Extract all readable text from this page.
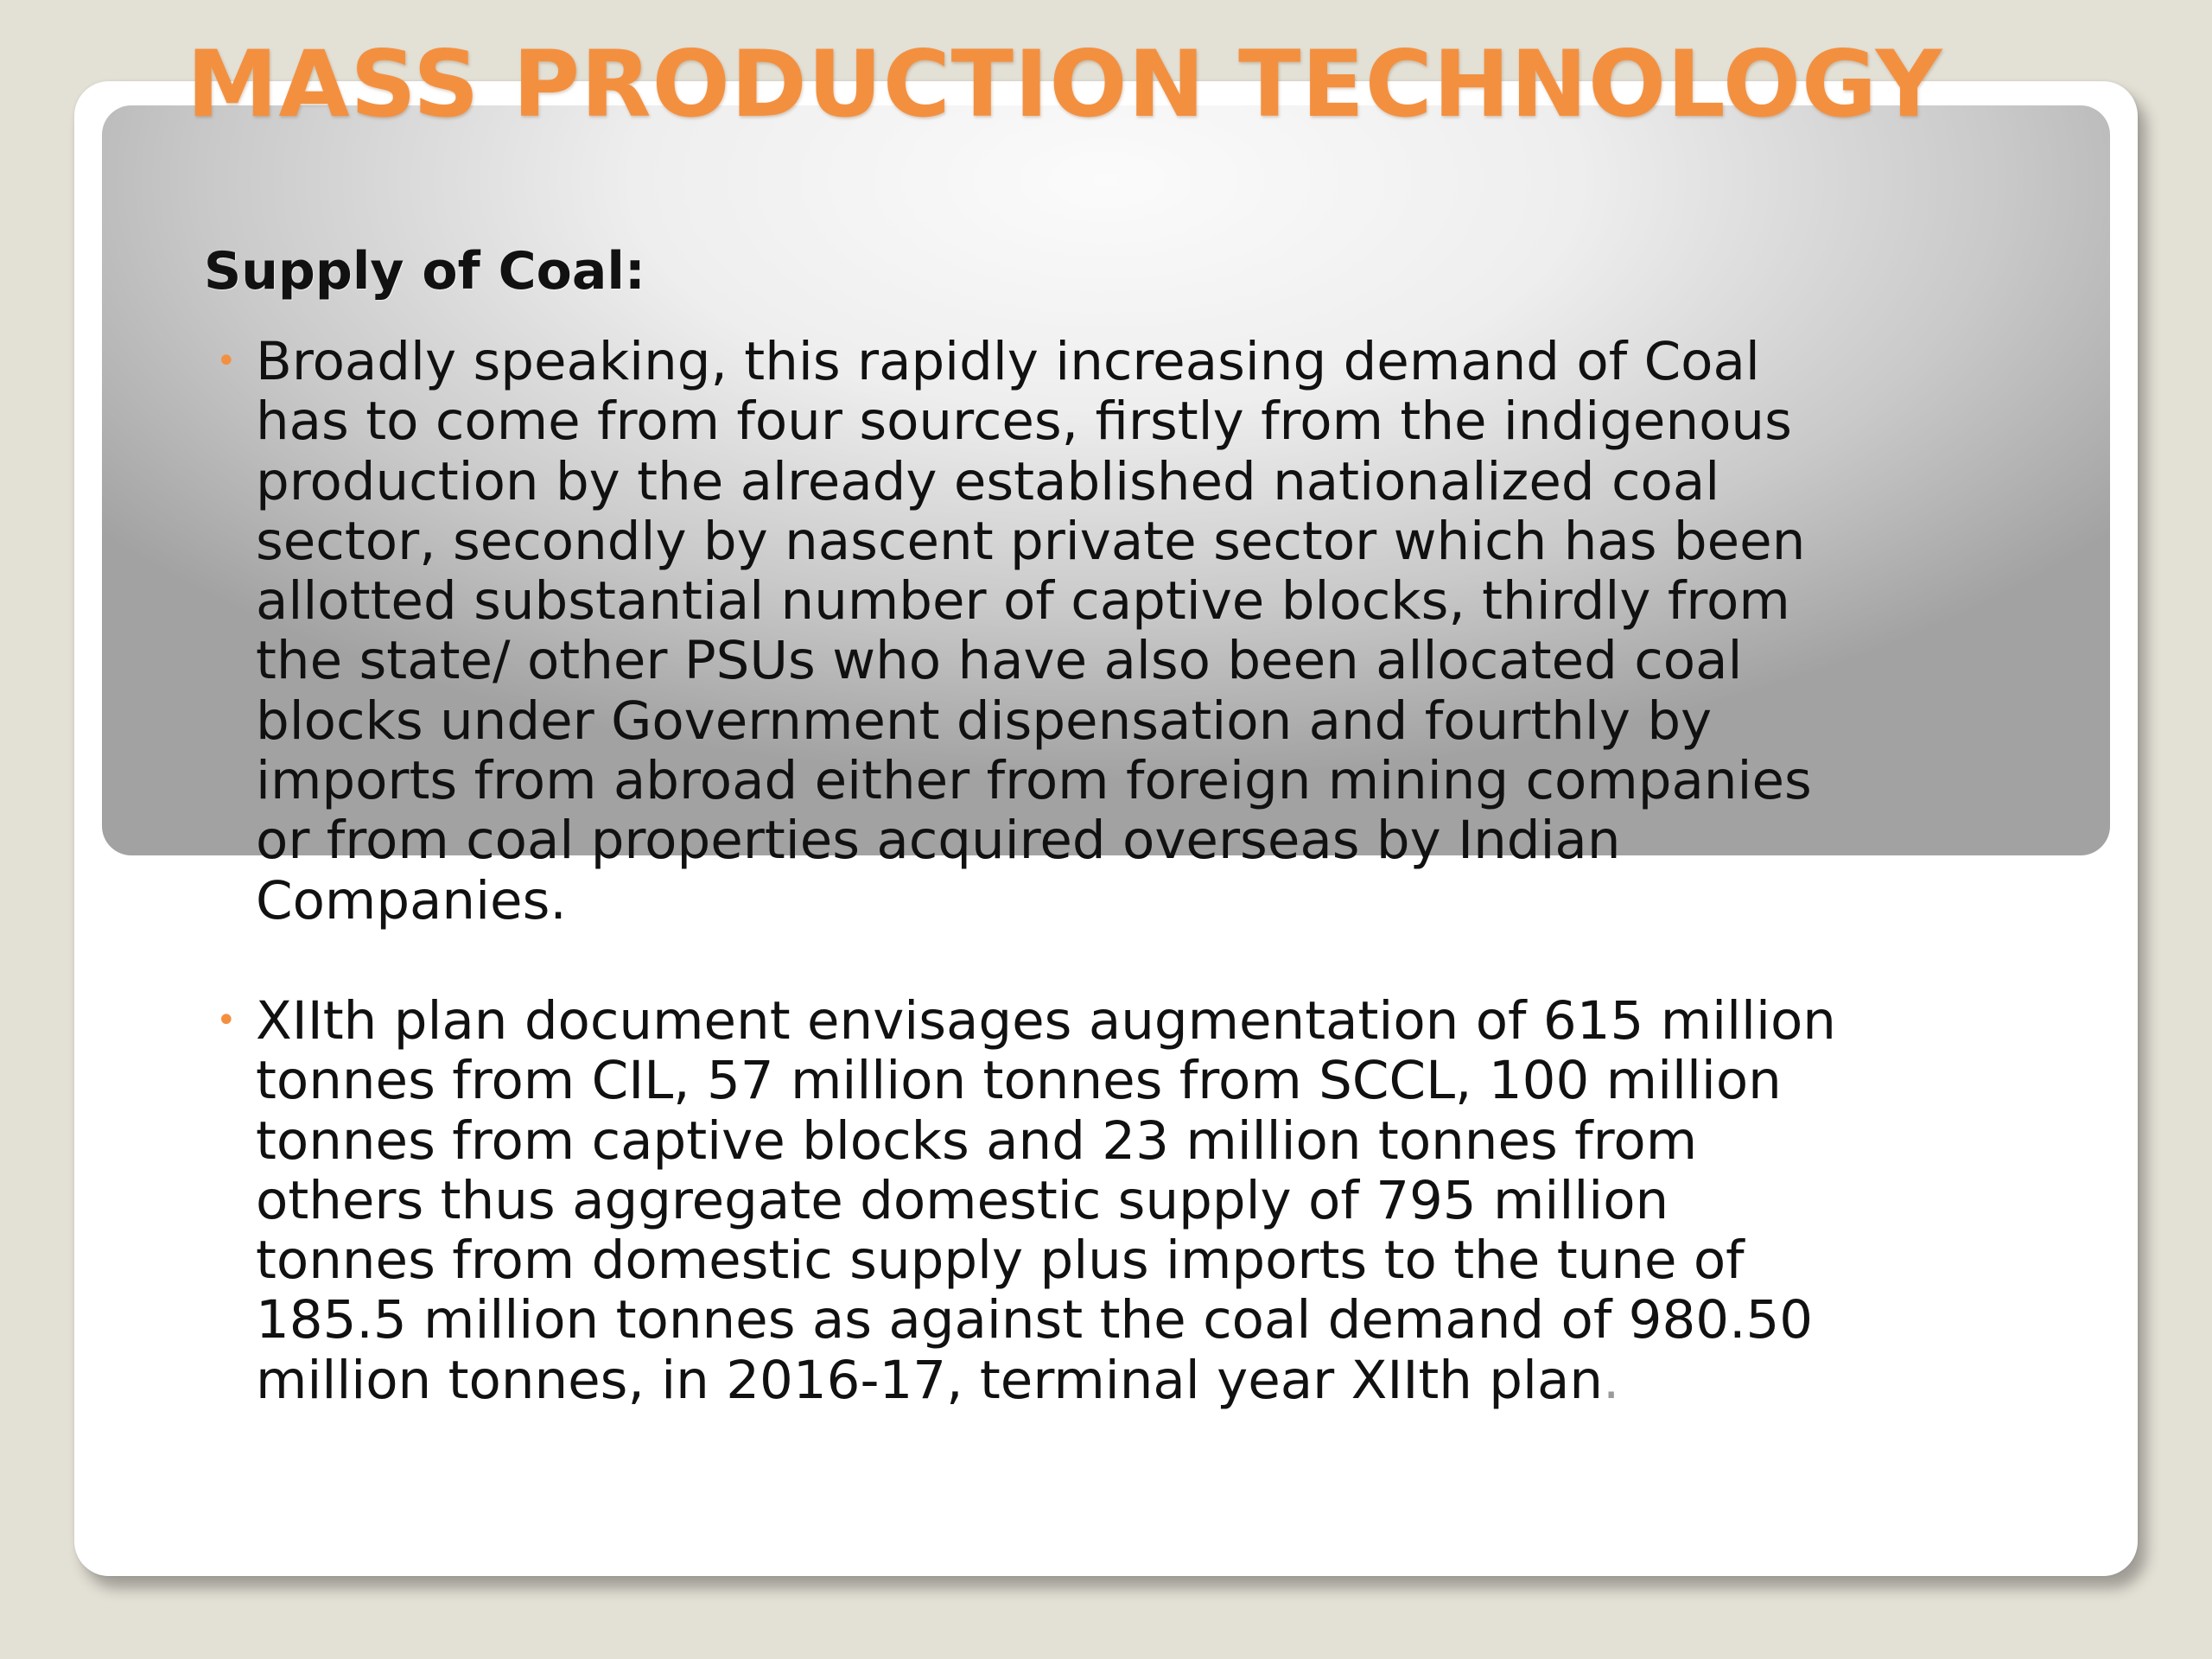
MASS PRODUCTION TECHNOLOGY
Supply of Coal:
• Broadly speaking, this rapidly increasing demand of Coal
has to come from four sources, firstly from the indigenous
production by the already established nationalized coal
sector, secondly by nascent private sector which has been
allotted substantial number of captive blocks, thirdly from
the state/ other PSUs who have also been allocated coal
blocks under Government dispensation and fourthly by
imports from abroad either from foreign mining companies
or from coal properties acquired overseas by Indian
Companies.
• XIIth plan document envisages augmentation of 615 million
tonnes from CIL, 57 million tonnes from SCCL, 100 million
tonnes from captive blocks and 23 million tonnes from
others thus aggregate domestic supply of 795 million
tonnes from domestic supply plus imports to the tune of
185.5 million tonnes as against the coal demand of 980.50
million tonnes, in 2016-17, terminal year XIIth plan.
